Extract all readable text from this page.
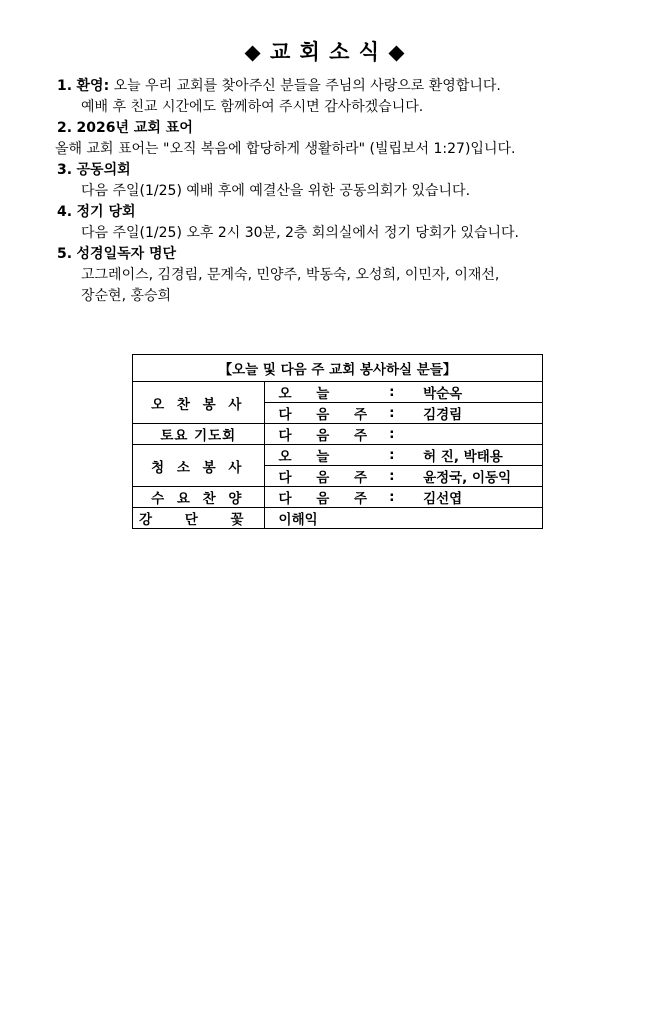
◆ 교 회 소 식 ◆
1. 환영: 오늘 우리 교회를 찾아주신 분들을 주님의 사랑으로 환영합니다.
예배 후 친교 시간에도 함께하여 주시면 감사하겠습니다.
2. 2026년 교회 표어
올해 교회 표어는 "오직 복음에 합당하게 생활하라" (빌립보서 1:27)입니다.
3. 공동의회
다음 주일(1/25) 예배 후에 예결산을 위한 공동의회가 있습니다.
4. 정기 당회
다음 주일(1/25) 오후 2시 30분, 2층 회의실에서 정기 당회가 있습니다.
5. 성경일독자 명단
고그레이스, 김경림, 문계숙, 민양주, 박동숙, 오성희, 이민자, 이재선,
장순현, 홍승희
【오늘 및 다음 주 교회 봉사하실 분들】			
오 찬 봉 사	오 늘	:	박순옥
	다 음 주	:	김경림
토요 기도회	다 음 주	:	
청 소 봉 사	오 늘	:	허 진, 박태용
	다 음 주	:	윤정국, 이동익
수 요 찬 양	다 음 주	:	김선엽
강 단 꽃	이해익		
